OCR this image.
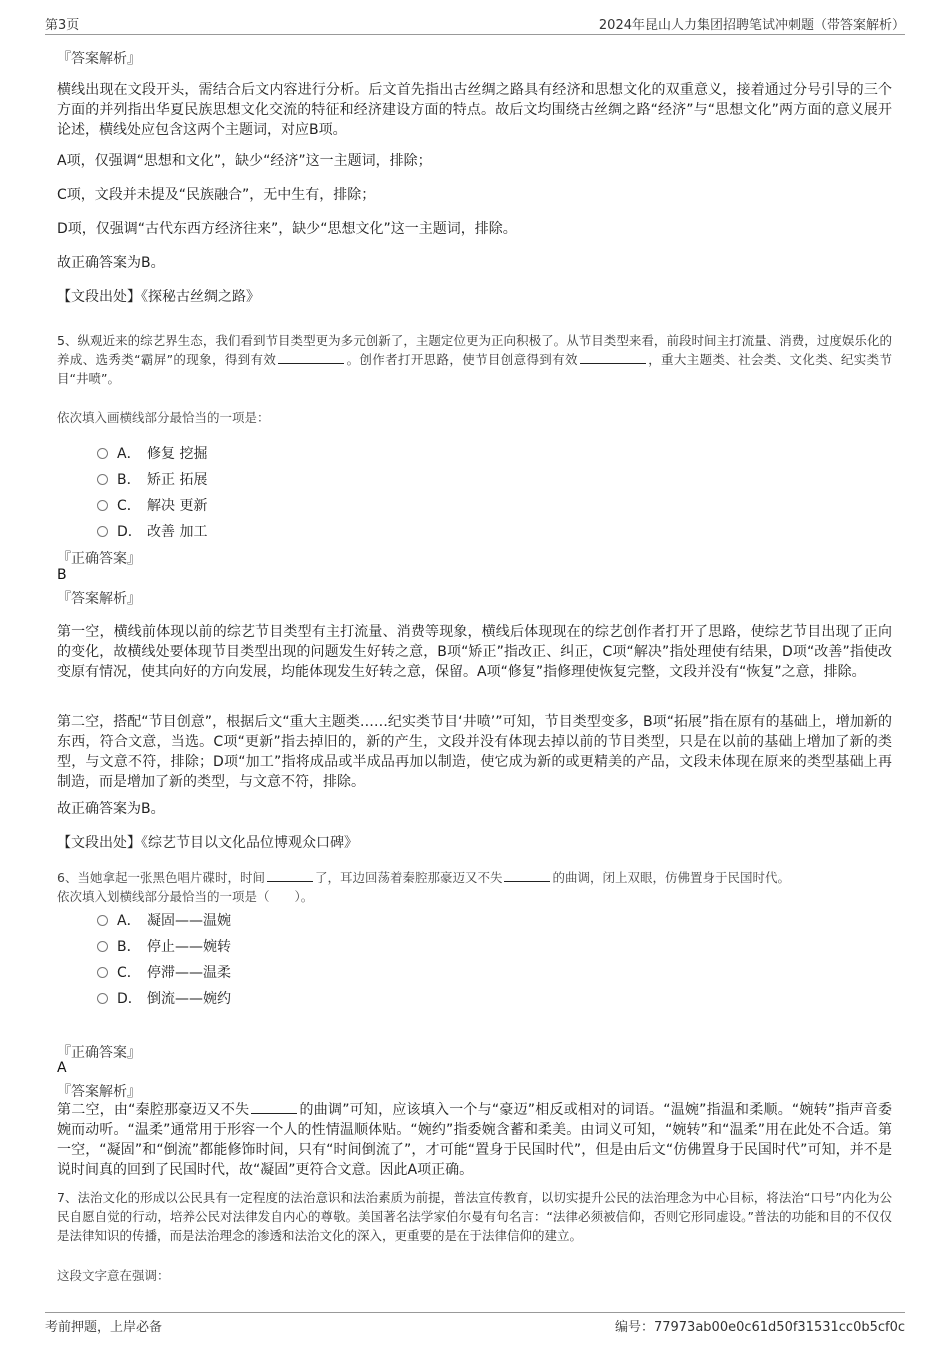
第3页	2024年昆山人力集团招聘笔试冲刺题（带答案解析）
『答案解析』
横线出现在文段开头，需结合后文内容进行分析。后文首先指出古丝绸之路具有经济和思想文化的双重意义，接着通过分号引导的三个方面的并列指出华夏民族思想文化交流的特征和经济建设方面的特点。故后文均围绕古丝绸之路“经济”与“思想文化”两方面的意义展开论述，横线处应包含这两个主题词，对应B项。
A项，仅强调“思想和文化”，缺少“经济”这一主题词，排除；
C项，文段并未提及“民族融合”，无中生有，排除；
D项，仅强调“古代东西方经济往来”，缺少“思想文化”这一主题词，排除。
故正确答案为B。
【文段出处】《探秘古丝绸之路》
5、纵观近来的综艺界生态，我们看到节目类型更为多元创新了，主题定位更为正向积极了。从节目类型来看，前段时间主打流量、消费，过度娱乐化的养成、选秀类“霸屏”的现象，得到有效	。创作者打开思路，使节目创意得到有效	，重大主题类、社会类、文化类、纪实类节目“井喷”。
依次填入画横线部分最恰当的一项是：
A． 修复 挖掘
B． 矫正 拓展
C． 解决 更新
D． 改善 加工
『正确答案』
B
『答案解析』
第一空，横线前体现以前的综艺节目类型有主打流量、消费等现象，横线后体现现在的综艺创作者打开了思路，使综艺节目出现了正向的变化，故横线处要体现节目类型出现的问题发生好转之意，B项“矫正”指改正、纠正，C项“解决”指处理使有结果，D项“改善”指使改变原有情况，使其向好的方向发展，均能体现发生好转之意，保留。A项“修复”指修理使恢复完整，文段并没有“恢复”之意，排除。
第二空，搭配“节目创意”，根据后文“重大主题类……纪实类节目‘井喷’”可知，节目类型变多，B项“拓展”指在原有的基础上，增加新的东西，符合文意，当选。C项“更新”指去掉旧的，新的产生，文段并没有体现去掉以前的节目类型，只是在以前的基础上增加了新的类型，与文意不符，排除；D项“加工”指将成品或半成品再加以制造，使它成为新的或更精美的产品，文段未体现在原来的类型基础上再制造，而是增加了新的类型，与文意不符，排除。
故正确答案为B。
【文段出处】《综艺节目以文化品位博观众口碑》
6、当她拿起一张黑色唱片碟时，时间	了，耳边回荡着秦腔那豪迈又不失	的曲调，闭上双眼，仿佛置身于民国时代。
依次填入划横线部分最恰当的一项是（　　）。
A． 凝固——温婉
B． 停止——婉转
C． 停滞——温柔
D． 倒流——婉约
『正确答案』
A
『答案解析』
第二空，由“秦腔那豪迈又不失	的曲调”可知，应该填入一个与“豪迈”相反或相对的词语。“温婉”指温和柔顺。“婉转”指声音委婉而动听。“温柔”通常用于形容一个人的性情温顺体贴。“婉约”指委婉含蓄和柔美。由词义可知，“婉转”和“温柔”用在此处不合适。第一空，“凝固”和“倒流”都能修饰时间，只有“时间倒流了”，才可能“置身于民国时代”，但是由后文“仿佛置身于民国时代”可知，并不是说时间真的回到了民国时代，故“凝固”更符合文意。因此A项正确。
7、法治文化的形成以公民具有一定程度的法治意识和法治素质为前提，普法宣传教育，以切实提升公民的法治理念为中心目标，将法治“口号”内化为公民自愿自觉的行动，培养公民对法律发自内心的尊敬。美国著名法学家伯尔曼有句名言：“法律必须被信仰，否则它形同虚设。”普法的功能和目的不仅仅是法律知识的传播，而是法治理念的渗透和法治文化的深入，更重要的是在于法律信仰的建立。
这段文字意在强调：
考前押题，上岸必备	编号：77973ab00e0c61d50f31531cc0b5cf0c
